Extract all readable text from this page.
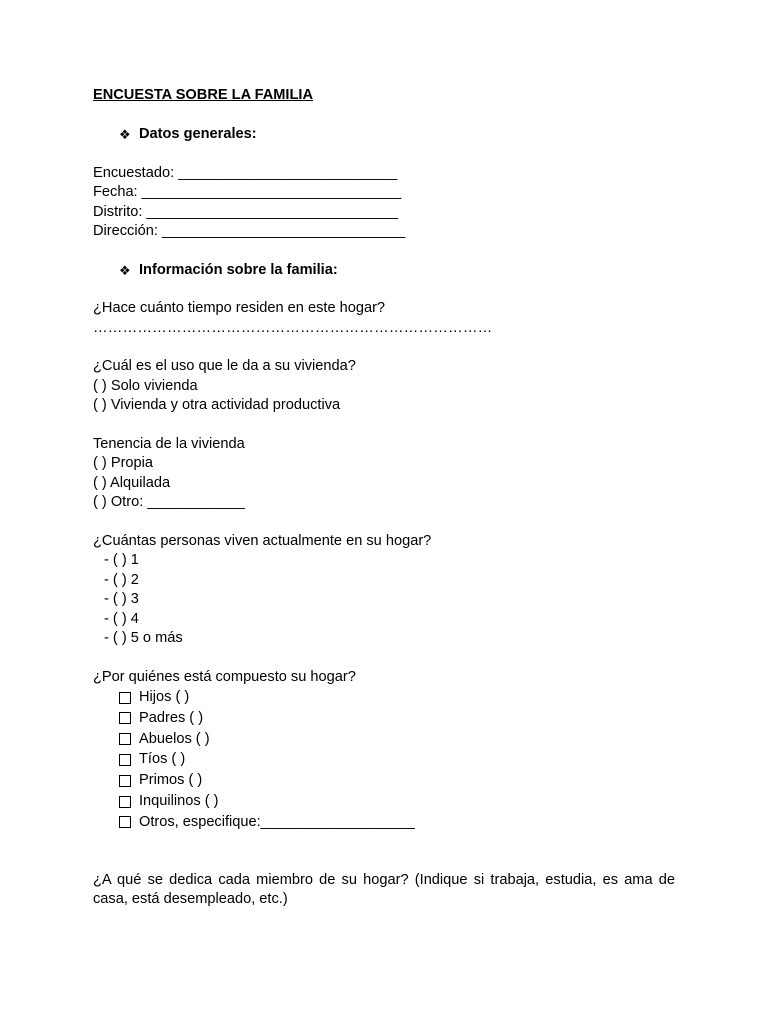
ENCUESTA SOBRE LA FAMILIA
❖ Datos generales:
Encuestado: ___________________________
Fecha: ________________________________
Distrito: _______________________________
Dirección: ______________________________
❖ Información sobre la familia:
¿Hace cuánto tiempo residen en este hogar?
………………………………………………………………………
¿Cuál es el uso que le da a su vivienda?
( ) Solo vivienda
( ) Vivienda y otra actividad productiva
Tenencia de la vivienda
( ) Propia
( ) Alquilada
( ) Otro: ____________
¿Cuántas personas viven actualmente en su hogar?
- ( ) 1
- ( ) 2
- ( ) 3
- ( ) 4
- ( ) 5 o más
¿Por quiénes está compuesto su hogar?
Hijos ( )
Padres ( )
Abuelos ( )
Tíos ( )
Primos ( )
Inquilinos ( )
Otros, especifique:___________________
¿A qué se dedica cada miembro de su hogar? (Indique si trabaja, estudia, es ama de casa, está desempleado, etc.)
